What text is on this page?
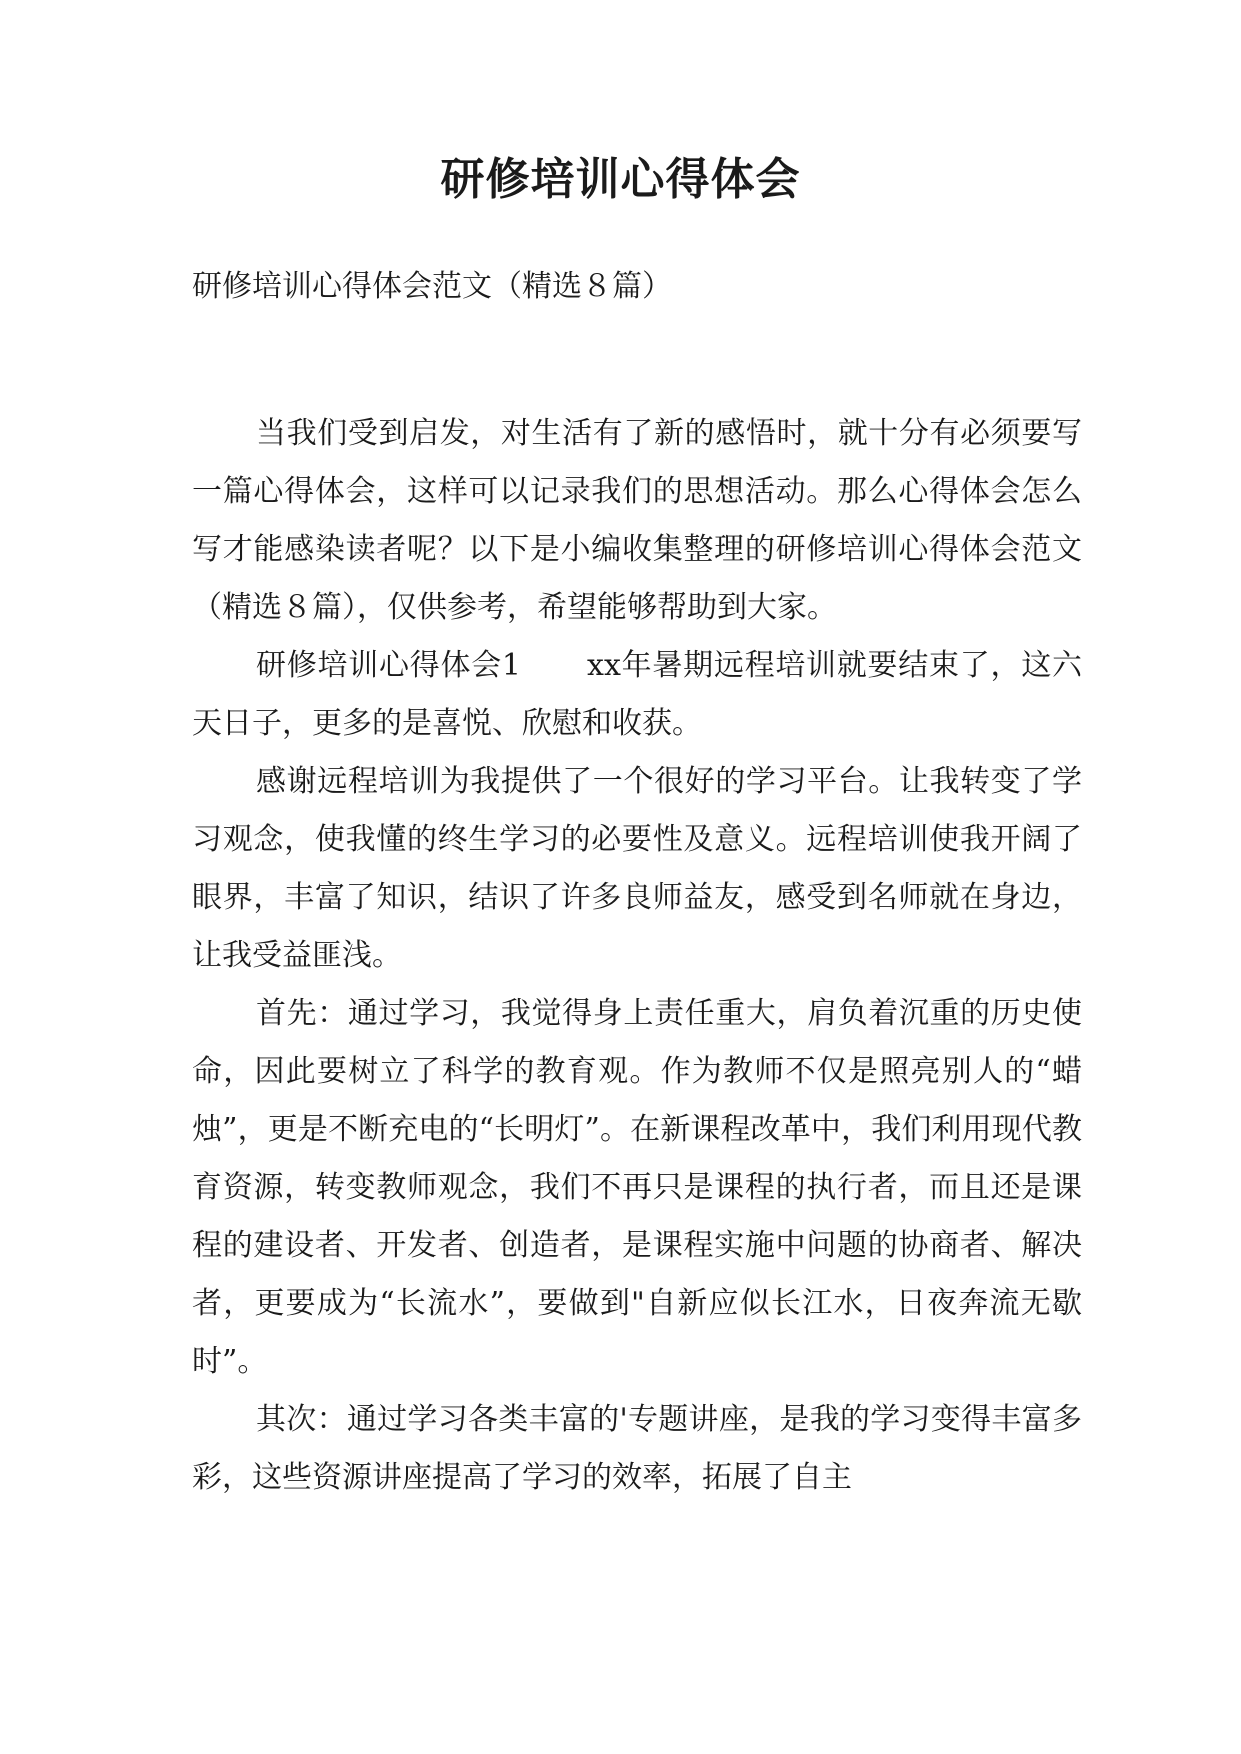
研修培训心得体会

研修培训心得体会范文（精选８篇）

当我们受到启发，对生活有了新的感悟时，就十分有必须要写一篇心得体会，这样可以记录我们的思想活动。那么心得体会怎么写才能感染读者呢？以下是小编收集整理的研修培训心得体会范文（精选８篇），仅供参考，希望能够帮助到大家。

研修培训心得体会1 xx年暑期远程培训就要结束了，这六天日子，更多的是喜悦、欣慰和收获。

感谢远程培训为我提供了一个很好的学习平台。让我转变了学习观念，使我懂的终生学习的必要性及意义。远程培训使我开阔了眼界，丰富了知识，结识了许多良师益友，感受到名师就在身边，让我受益匪浅。

首先：通过学习，我觉得身上责任重大，肩负着沉重的历史使命，因此要树立了科学的教育观。作为教师不仅是照亮别人的“蜡烛”，更是不断充电的“长明灯”。在新课程改革中，我们利用现代教育资源，转变教师观念，我们不再只是课程的执行者，而且还是课程的建设者、开发者、创造者，是课程实施中问题的协商者、解决者，更要成为“长流水”，要做到"自新应似长江水，日夜奔流无歇时”。

其次：通过学习各类丰富的'专题讲座，是我的学习变得丰富多彩，这些资源讲座提高了学习的效率，拓展了自主
